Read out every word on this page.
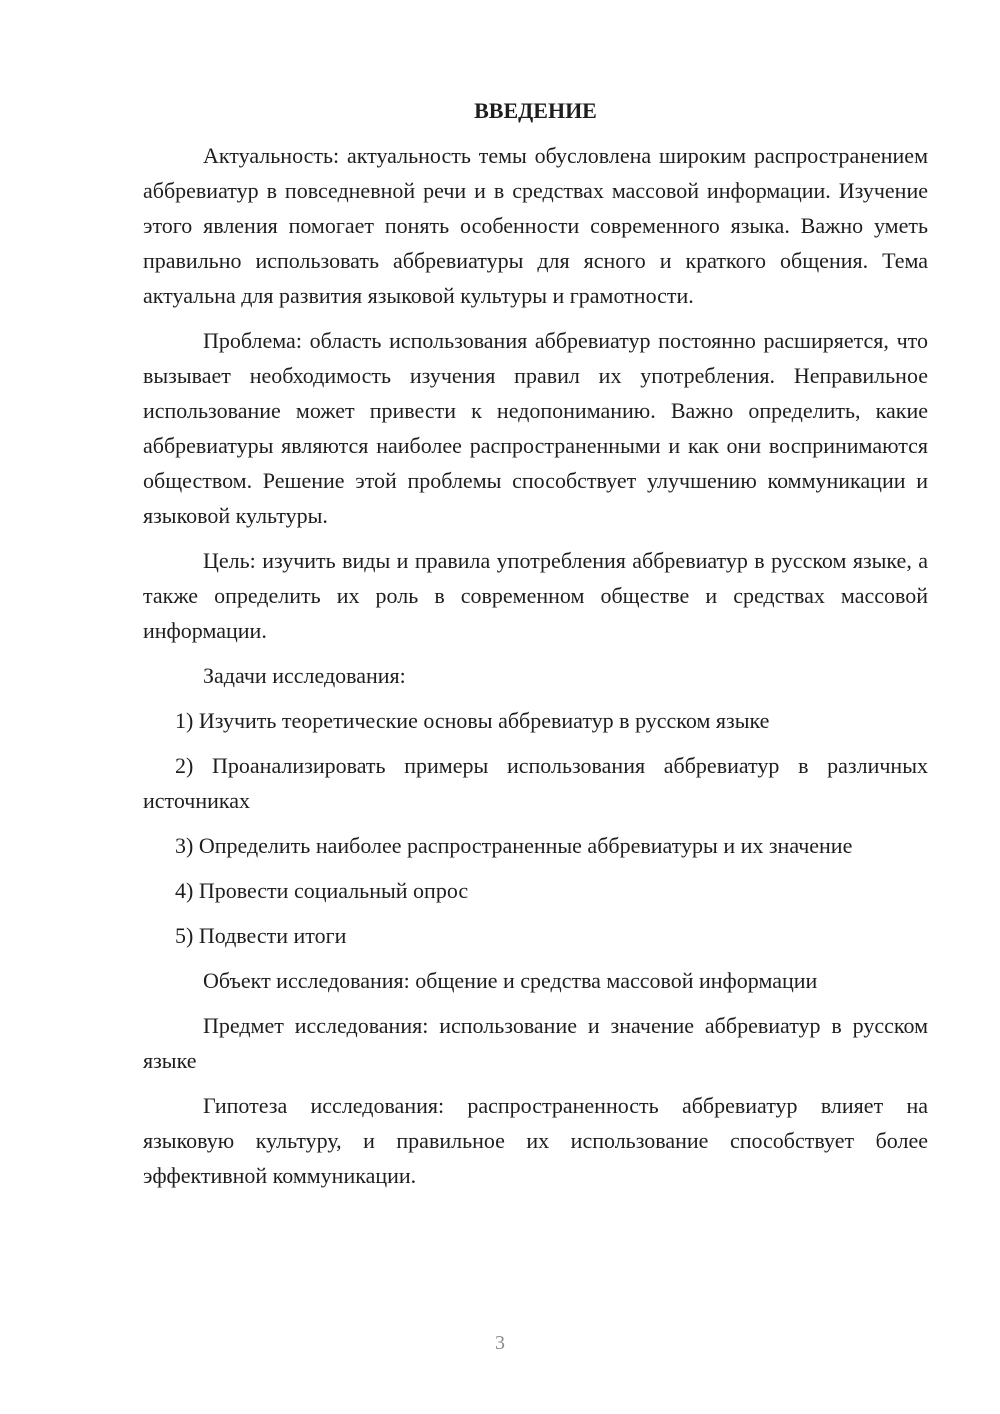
ВВЕДЕНИЕ

Актуальность: актуальность темы обусловлена широким распространением аббревиатур в повседневной речи и в средствах массовой информации. Изучение этого явления помогает понять особенности современного языка. Важно уметь правильно использовать аббревиатуры для ясного и краткого общения. Тема актуальна для развития языковой культуры и грамотности.

Проблема: область использования аббревиатур постоянно расширяется, что вызывает необходимость изучения правил их употребления. Неправильное использование может привести к недопониманию. Важно определить, какие аббревиатуры являются наиболее распространенными и как они воспринимаются обществом. Решение этой проблемы способствует улучшению коммуникации и языковой культуры.

Цель: изучить виды и правила употребления аббревиатур в русском языке, а также определить их роль в современном обществе и средствах массовой информации.

Задачи исследования:

1) Изучить теоретические основы аббревиатур в русском языке

2) Проанализировать примеры использования аббревиатур в различных источниках

3) Определить наиболее распространенные аббревиатуры и их значение

4) Провести социальный опрос

5) Подвести итоги

Объект исследования: общение и средства массовой информации

Предмет исследования: использование и значение аббревиатур в русском языке

Гипотеза исследования: распространенность аббревиатур влияет на языковую культуру, и правильное их использование способствует более эффективной коммуникации.

3
